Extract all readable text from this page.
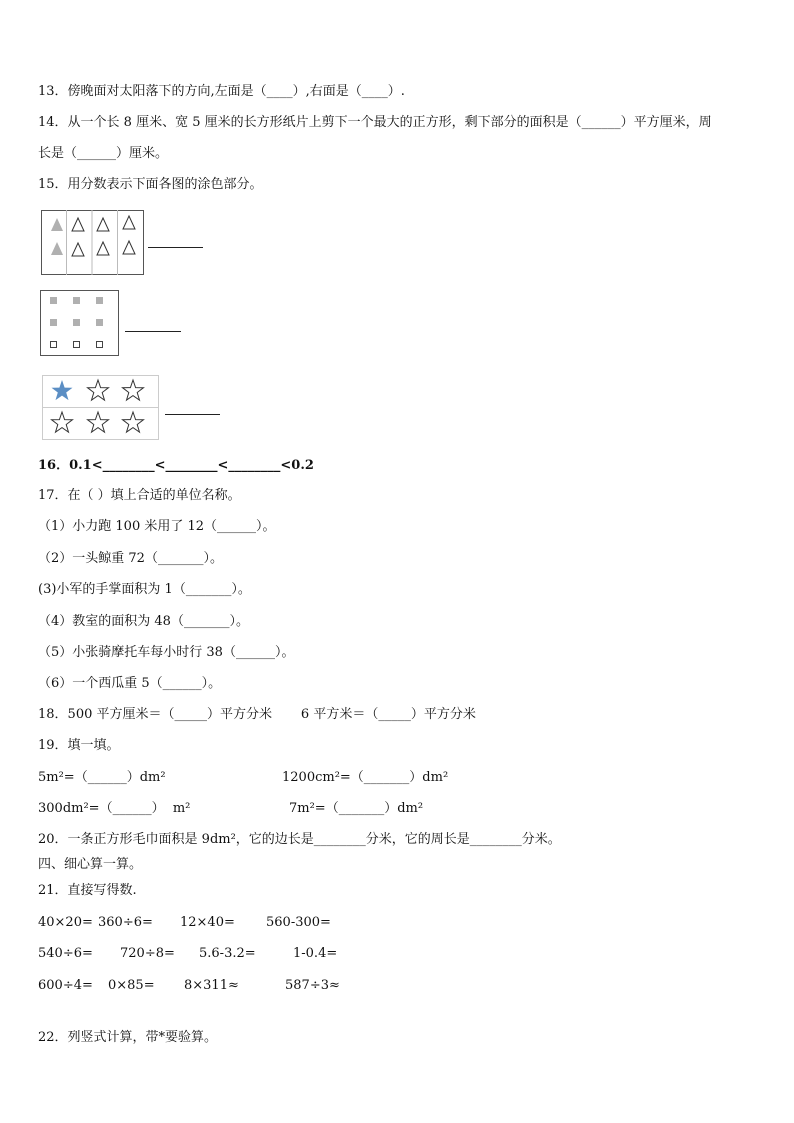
13．傍晚面对太阳落下的方向,左面是（____）,右面是（____）.
14．从一个长 8 厘米、宽 5 厘米的长方形纸片上剪下一个最大的正方形，剩下部分的面积是（______）平方厘米，周
长是（______）厘米。
15．用分数表示下面各图的涂色部分。
16．0.1<________<________<________<0.2
17．在（ ）填上合适的单位名称。
（1）小力跑 100 米用了 12（______）。
（2）一头鲸重 72（_______）。
(3)小军的手掌面积为 1（_______）。
（4）教室的面积为 48（_______）。
（5）小张骑摩托车每小时行 38（______）。
（6）一个西瓜重 5（______）。
18．500 平方厘米＝（_____）平方分米       6 平方米＝（_____）平方分米
19．填一填。
5m²=（______）dm²	1200cm²=（_______）dm²
300dm²=（______）  m²	7m²=（_______）dm²
20．一条正方形毛巾面积是 9dm²，它的边长是________分米，它的周长是________分米。
四、细心算一算。
21．直接写得数.
40×20= 360÷6= 12×40= 560-300=
540÷6= 720÷8= 5.6-3.2=	1-0.4=
600÷4= 0×85= 8×311≈	587÷3≈
22．列竖式计算，带*要验算。
